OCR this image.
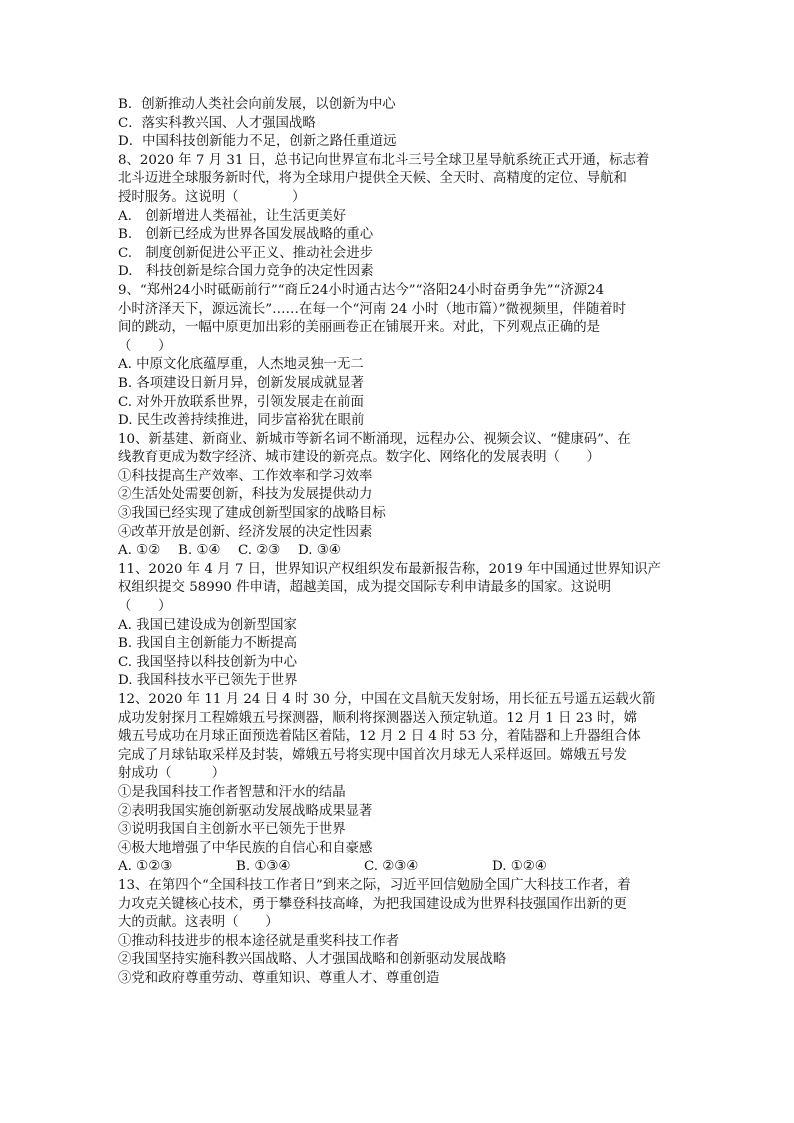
B．创新推动人类社会向前发展，以创新为中心
C．落实科教兴国、人才强国战略
D．中国科技创新能力不足，创新之路任重道远
8、2020 年 7 月 31 日，总书记向世界宣布北斗三号全球卫星导航系统正式开通，标志着
北斗迈进全球服务新时代，将为全球用户提供全天候、全天时、高精度的定位、导航和
授时服务。这说明（　　　　）
A.　创新增进人类福祉，让生活更美好
B.　创新已经成为世界各国发展战略的重心
C.　制度创新促进公平正义、推动社会进步
D.　科技创新是综合国力竞争的决定性因素
9、“郑州24小时砥砺前行”“商丘24小时通古达今”“洛阳24小时奋勇争先”“济源24
小时济泽天下，源远流长”……在每一个“河南 24 小时（地市篇）”微视频里，伴随着时
间的跳动，一幅中原更加出彩的美丽画卷正在铺展开来。对此，下列观点正确的是
（　　）
A. 中原文化底蕴厚重，人杰地灵独一无二
B. 各项建设日新月异，创新发展成就显著
C. 对外开放联系世界，引领发展走在前面
D. 民生改善持续推进，同步富裕犹在眼前
10、新基建、新商业、新城市等新名词不断涌现，远程办公、视频会议、“健康码”、在
线教育更成为数字经济、城市建设的新亮点。数字化、网络化的发展表明（　　）
①科技提高生产效率、工作效率和学习效率
②生活处处需要创新，科技为发展提供动力
③我国已经实现了建成创新型国家的战略目标
④改革开放是创新、经济发展的决定性因素
A. ①②	B. ①④	C. ②③	D. ③④
11、2020 年 4 月 7 日，世界知识产权组织发布最新报告称，2019 年中国通过世界知识产
权组织提交 58990 件申请，超越美国，成为提交国际专利申请最多的国家。这说明
（　　）
A. 我国已建设成为创新型国家
B. 我国自主创新能力不断提高
C. 我国坚持以科技创新为中心
D. 我国科技水平已领先于世界
12、2020 年 11 月 24 日 4 时 30 分，中国在文昌航天发射场，用长征五号遥五运载火箭
成功发射探月工程嫦娥五号探测器，顺利将探测器送入预定轨道。12 月 1 日 23 时，嫦
娥五号成功在月球正面预选着陆区着陆，12 月 2 日 4 时 53 分，着陆器和上升器组合体
完成了月球钻取采样及封装，嫦娥五号将实现中国首次月球无人采样返回。嫦娥五号发
射成功（　　　）
①是我国科技工作者智慧和汗水的结晶
②表明我国实施创新驱动发展战略成果显著
③说明我国自主创新水平已领先于世界
④极大地增强了中华民族的自信心和自豪感
A. ①②③	B. ①③④	C. ②③④	D. ①②④
13、在第四个“全国科技工作者日”到来之际，习近平回信勉励全国广大科技工作者，着
力攻克关键核心技术，勇于攀登科技高峰，为把我国建设成为世界科技强国作出新的更
大的贡献。这表明（　　）
①推动科技进步的根本途径就是重奖科技工作者
②我国坚持实施科教兴国战略、人才强国战略和创新驱动发展战略
③党和政府尊重劳动、尊重知识、尊重人才、尊重创造
